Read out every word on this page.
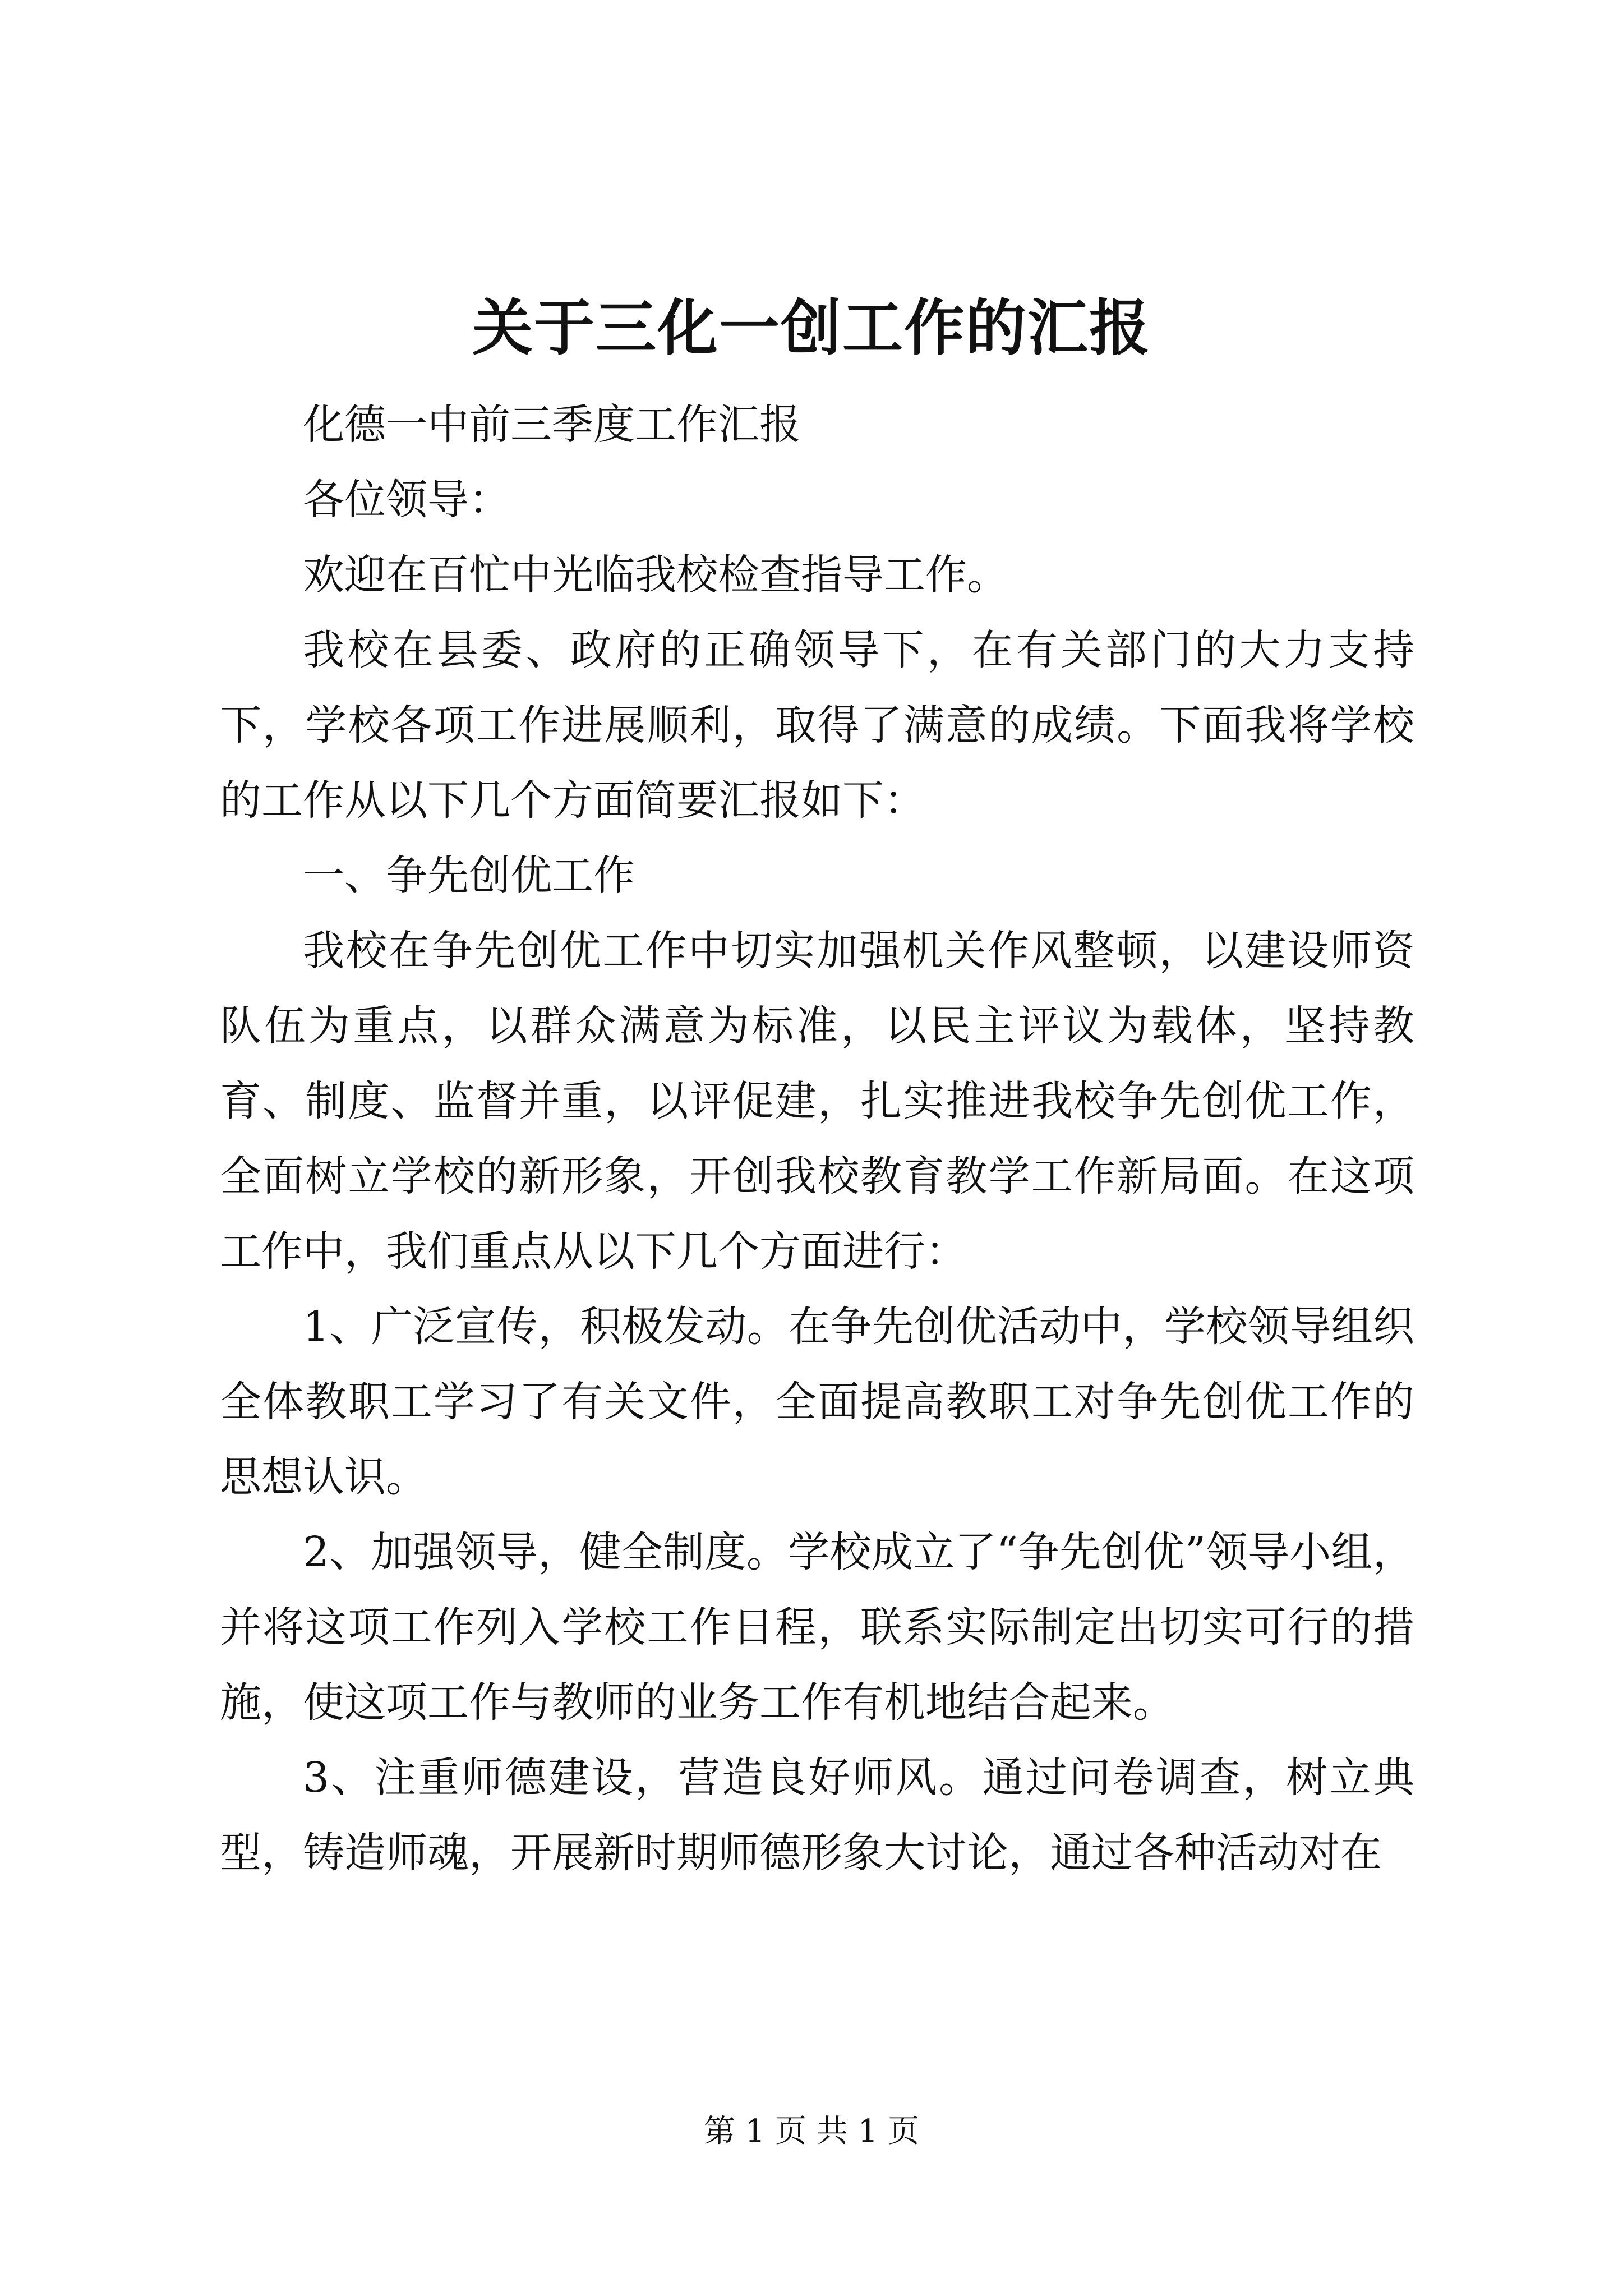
关于三化一创工作的汇报

化德一中前三季度工作汇报

各位领导：

欢迎在百忙中光临我校检查指导工作。

我校在县委、政府的正确领导下，在有关部门的大力支持下，学校各项工作进展顺利，取得了满意的成绩。下面我将学校的工作从以下几个方面简要汇报如下：

一、争先创优工作

我校在争先创优工作中切实加强机关作风整顿，以建设师资队伍为重点，以群众满意为标准，以民主评议为载体，坚持教育、制度、监督并重，以评促建，扎实推进我校争先创优工作，全面树立学校的新形象，开创我校教育教学工作新局面。在这项工作中，我们重点从以下几个方面进行：

1、广泛宣传，积极发动。在争先创优活动中，学校领导组织全体教职工学习了有关文件，全面提高教职工对争先创优工作的思想认识。

2、加强领导，健全制度。学校成立了“争先创优”领导小组，并将这项工作列入学校工作日程，联系实际制定出切实可行的措施，使这项工作与教师的业务工作有机地结合起来。

3、注重师德建设，营造良好师风。通过问卷调查，树立典型，铸造师魂，开展新时期师德形象大讨论，通过各种活动对在

第 1 页 共 1 页
